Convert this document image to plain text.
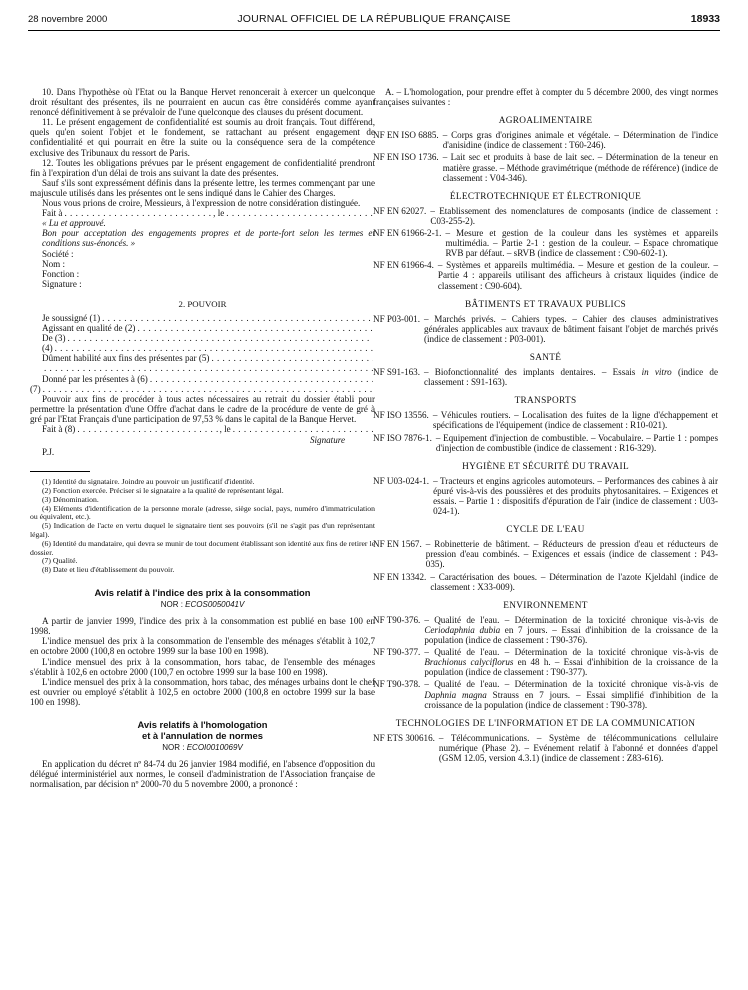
28 novembre 2000	JOURNAL OFFICIEL DE LA RÉPUBLIQUE FRANÇAISE	18933

10. Dans l'hypothèse où l'Etat ou la Banque Hervet renoncerait à exercer un quelconque droit résultant des présentes, ils ne pourraient en aucun cas être considérés comme ayant renoncé définitivement à se prévaloir de l'une quelconque des clauses du présent document.

11. Le présent engagement de confidentialité est soumis au droit français. Tout différend, quels qu'en soient l'objet et le fondement, se rattachant au présent engagement de confidentialité et qui pourrait en être la suite ou la conséquence sera de la compétence exclusive des Tribunaux du ressort de Paris.

12. Toutes les obligations prévues par le présent engagement de confidentialité prendront fin à l'expiration d'un délai de trois ans suivant la date des présentes.

Sauf s'ils sont expressément définis dans la présente lettre, les termes commençant par une majuscule utilisés dans les présentes ont le sens indiqué dans le Cahier des Charges.

Nous vous prions de croire, Messieurs, à l'expression de notre considération distinguée.

Fait à . . .	, le
. . .

« Lu et approuvé.

Bon pour acceptation des engagements propres et de porte-fort selon les termes et conditions sus-énoncés. »

Société :

Nom :

Fonction :

Signature :

2. POUVOIR
Je soussigné (1)
. . .
Agissant en qualité de (2)
. . .
De (3)
. . .
(4)
. . .
Dûment habilité aux fins des présentes par (5)
. . .
. . .
Donné par les présentes à (6)
. . .
(7)
. . .

Pouvoir aux fins de procéder à tous actes nécessaires au retrait du dossier établi pour permettre la présentation d'une Offre d'achat dans le cadre de la procédure de vente de gré à gré par l'Etat Français d'une participation de 97,53 % dans le capital de la Banque Hervet.

Fait à (8) . . .	, le
. . .
Signature

P.J.

(1) Identité du signataire. Joindre au pouvoir un justificatif d'identité.

(2) Fonction exercée. Préciser si le signataire a la qualité de représentant légal.

(3) Dénomination.

(4) Eléments d'identification de la personne morale (adresse, siège social, pays, numéro d'immatriculation ou équivalent, etc.).

(5) Indication de l'acte en vertu duquel le signataire tient ses pouvoirs (s'il ne s'agit pas d'un représentant légal).

(6) Identité du mandataire, qui devra se munir de tout document établissant son identité aux fins de retirer le dossier.

(7) Qualité.

(8) Date et lieu d'établissement du pouvoir.

Avis relatif à l'indice des prix à la consommation
NOR : ECOS0050041V

A partir de janvier 1999, l'indice des prix à la consommation est publié en base 100 en 1998.

L'indice mensuel des prix à la consommation de l'ensemble des ménages s'établit à 102,7 en octobre 2000 (100,8 en octobre 1999 sur la base 100 en 1998).

L'indice mensuel des prix à la consommation, hors tabac, de l'ensemble des ménages s'établit à 102,6 en octobre 2000 (100,7 en octobre 1999 sur la base 100 en 1998).

L'indice mensuel des prix à la consommation, hors tabac, des ménages urbains dont le chef est ouvrier ou employé s'établit à 102,5 en octobre 2000 (100,8 en octobre 1999 sur la base 100 en 1998).

Avis relatifs à l'homologation
et à l'annulation de normes
NOR : ECOI0010069V

En application du décret nº 84-74 du 26 janvier 1984 modifié, en l'absence d'opposition du délégué interministériel aux normes, le conseil d'administration de l'Association française de normalisation, par décision nº 2000-70 du 5 novembre 2000, a prononcé :

A. – L'homologation, pour prendre effet à compter du 5 décembre 2000, des vingt normes françaises suivantes :

AGROALIMENTAIRE
NF EN ISO 6885. – Corps gras d'origines animale et végétale. – Détermination de l'indice d'anisidine (indice de classement : T60-246).
NF EN ISO 1736. – Lait sec et produits à base de lait sec. – Détermination de la teneur en matière grasse. – Méthode gravimétrique (méthode de référence) (indice de classement : V04-346).
ÉLECTROTECHNIQUE ET ÉLECTRONIQUE
NF EN 62027. – Etablissement des nomenclatures de composants (indice de classement : C03-255-2).
NF EN 61966-2-1. – Mesure et gestion de la couleur dans les systèmes et appareils multimédia. – Partie 2-1 : gestion de la couleur. – Espace chromatique RVB par défaut. – sRVB (indice de classement : C90-602-1).
NF EN 61966-4. – Systèmes et appareils multimédia. – Mesure et gestion de la couleur. – Partie 4 : appareils utilisant des afficheurs à cristaux liquides (indice de classement : C90-604).
BÂTIMENTS ET TRAVAUX PUBLICS
NF P03-001. – Marchés privés. – Cahiers types. – Cahier des clauses administratives générales applicables aux travaux de bâtiment faisant l'objet de marchés privés (indice de classement : P03-001).
SANTÉ
NF S91-163. – Biofonctionnalité des implants dentaires. – Essais in vitro (indice de classement : S91-163).
TRANSPORTS
NF ISO 13556. – Véhicules routiers. – Localisation des fuites de la ligne d'échappement et spécifications de l'équipement (indice de classement : R10-021).
NF ISO 7876-1. – Equipement d'injection de combustible. – Vocabulaire. – Partie 1 : pompes d'injection de combustible (indice de classement : R16-329).
HYGIÈNE ET SÉCURITÉ DU TRAVAIL
NF U03-024-1. – Tracteurs et engins agricoles automoteurs. – Performances des cabines à air épuré vis-à-vis des poussières et des produits phytosanitaires. – Exigences et essais. – Partie 1 : dispositifs d'épuration de l'air (indice de classement : U03-024-1).
CYCLE DE L'EAU
NF EN 1567. – Robinetterie de bâtiment. – Réducteurs de pression d'eau et réducteurs de pression d'eau combinés. – Exigences et essais (indice de classement : P43-035).
NF EN 13342. – Caractérisation des boues. – Détermination de l'azote Kjeldahl (indice de classement : X33-009).
ENVIRONNEMENT
NF T90-376. – Qualité de l'eau. – Détermination de la toxicité chronique vis-à-vis de Ceriodaphnia dubia en 7 jours. – Essai d'inhibition de la croissance de la population (indice de classement : T90-376).
NF T90-377. – Qualité de l'eau. – Détermination de la toxicité chronique vis-à-vis de Brachionus calyciflorus en 48 h. – Essai d'inhibition de la croissance de la population (indice de classement : T90-377).
NF T90-378. – Qualité de l'eau. – Détermination de la toxicité chronique vis-à-vis de Daphnia magna Strauss en 7 jours. – Essai simplifié d'inhibition de la croissance de la population (indice de classement : T90-378).
TECHNOLOGIES DE L'INFORMATION ET DE LA COMMUNICATION
NF ETS 300616. – Télécommunications. – Système de télécommunications cellulaire numérique (Phase 2). – Evénement relatif à l'abonné et données d'appel (GSM 12.05, version 4.3.1) (indice de classement : Z83-616).
